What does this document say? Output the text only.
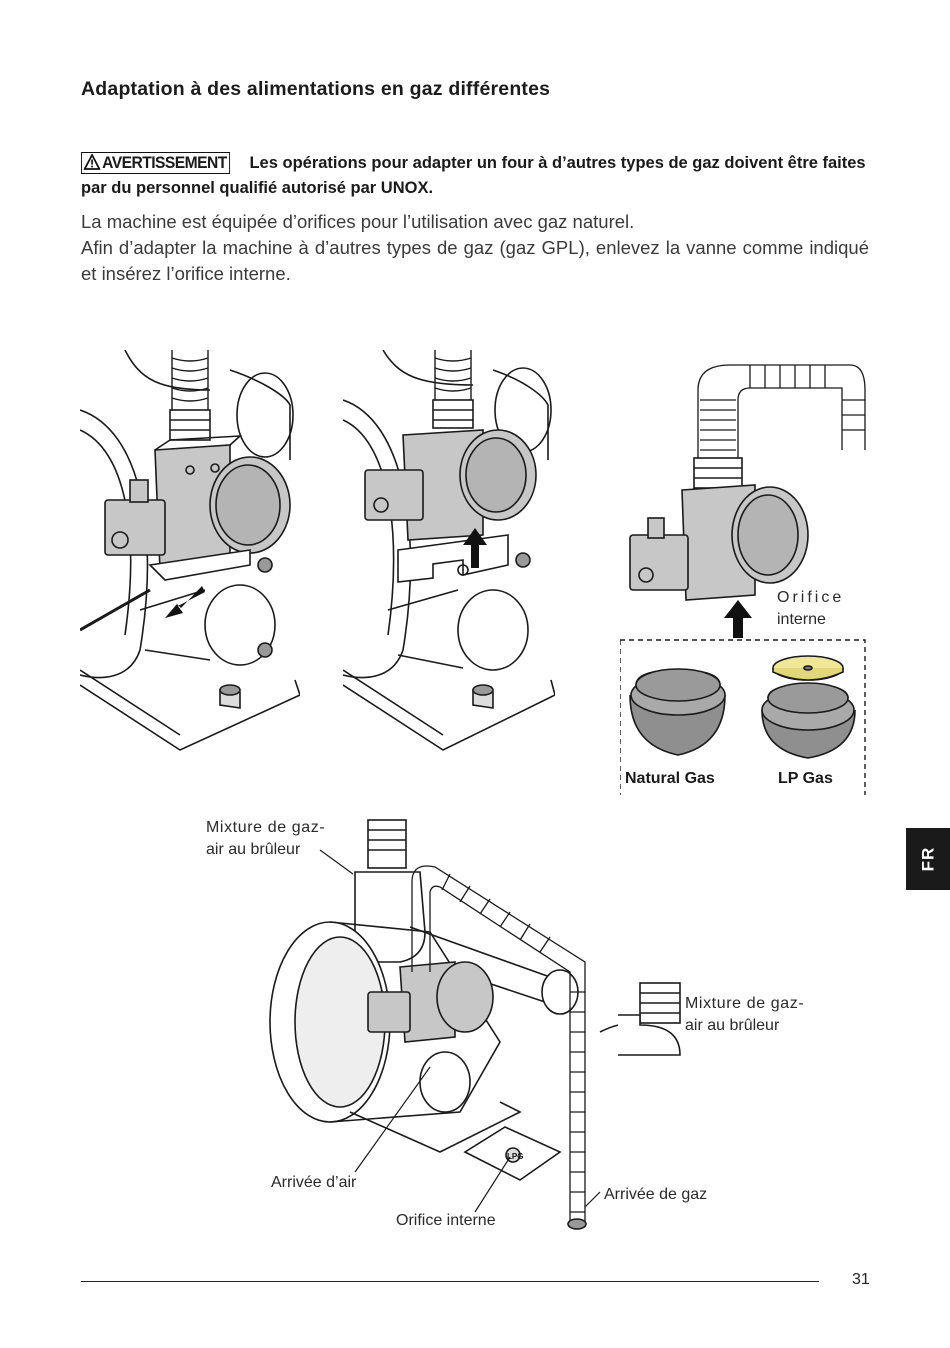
Adaptation à des alimentations en gaz différentes
AVERTISSEMENT Les opérations pour adapter un four à d’autres types de gaz doivent être faites par du personnel qualifié autorisé par UNOX.

La machine est équipée d’orifices pour l’utilisation avec gaz naturel.

Afin d’adapter la machine à d’autres types de gaz (gaz GPL), enlevez la vanne comme indiqué et insérez l’orifice interne.

Orifice
interne
Natural Gas	LP Gas
LPG
Mixture de gaz-
air au brûleur
Mixture de gaz-
air au brûleur
Arrivée d’air
Arrivée de gaz
Orifice interne
FR
31
